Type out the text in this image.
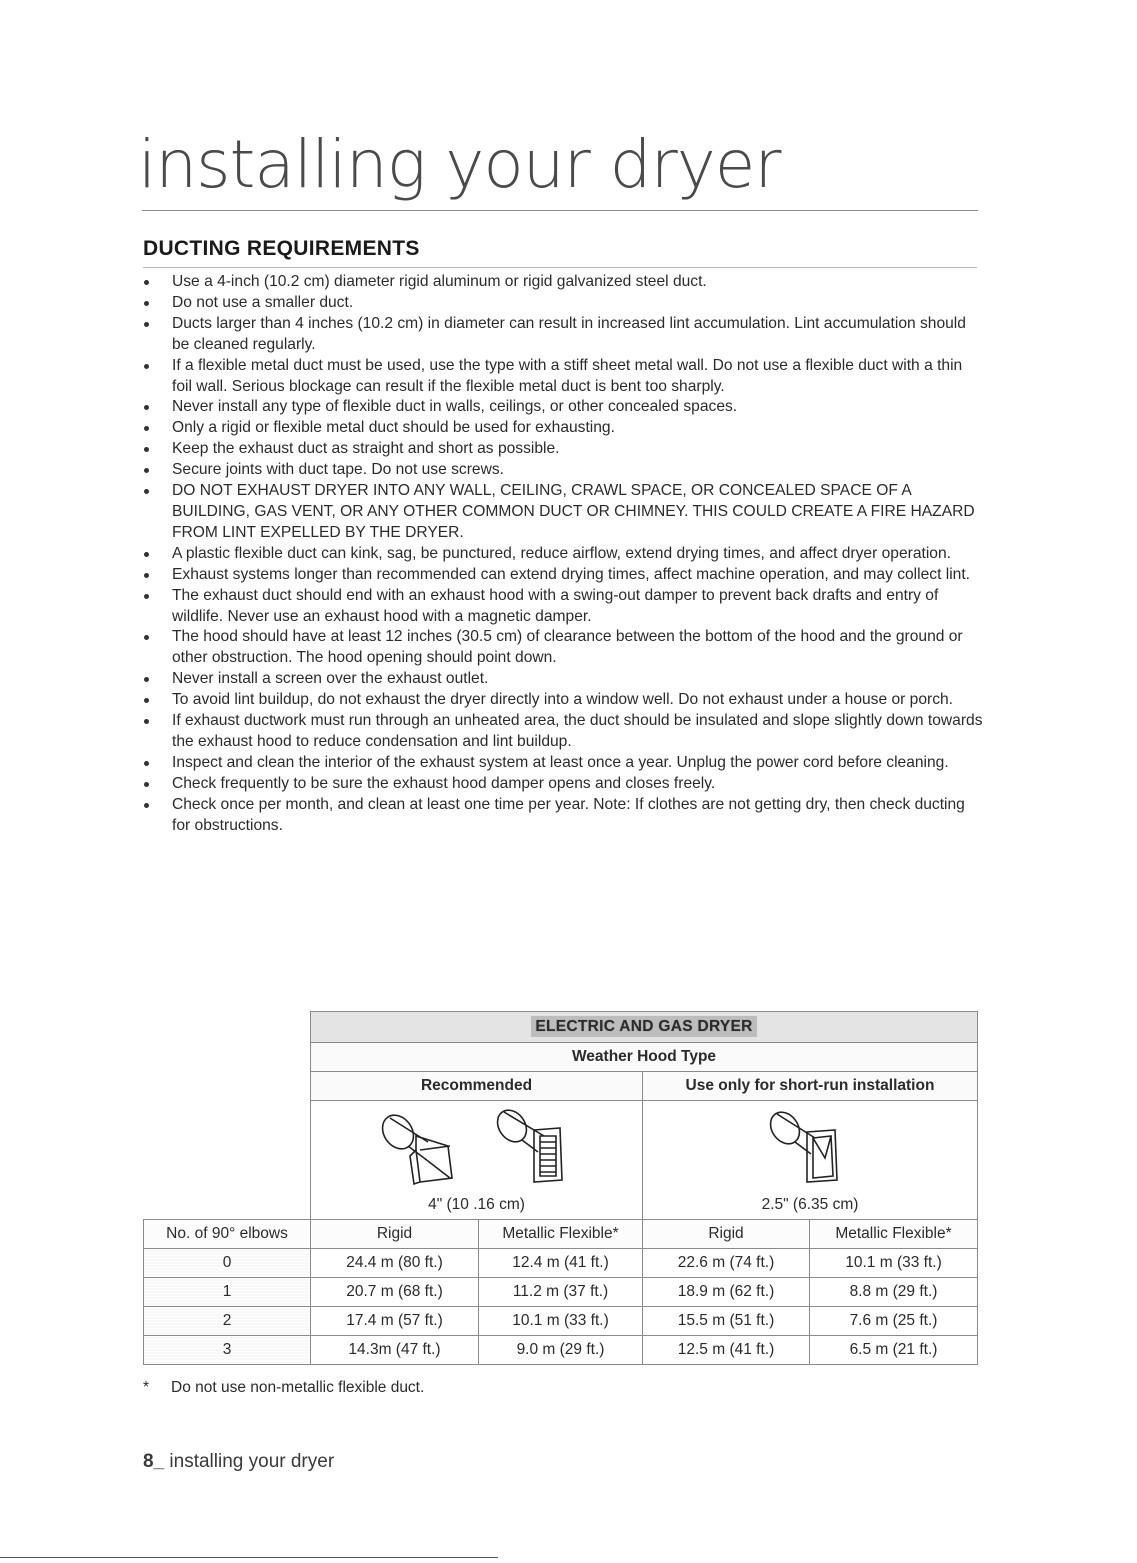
installing your dryer
DUCTING REQUIREMENTS
Use a 4-inch (10.2 cm) diameter rigid aluminum or rigid galvanized steel duct.
Do not use a smaller duct.
Ducts larger than 4 inches (10.2 cm) in diameter can result in increased lint accumulation. Lint accumulation should be cleaned regularly.
If a flexible metal duct must be used, use the type with a stiff sheet metal wall. Do not use a flexible duct with a thin foil wall. Serious blockage can result if the flexible metal duct is bent too sharply.
Never install any type of flexible duct in walls, ceilings, or other concealed spaces.
Only a rigid or flexible metal duct should be used for exhausting.
Keep the exhaust duct as straight and short as possible.
Secure joints with duct tape. Do not use screws.
DO NOT EXHAUST DRYER INTO ANY WALL, CEILING, CRAWL SPACE, OR CONCEALED SPACE OF A BUILDING, GAS VENT, OR ANY OTHER COMMON DUCT OR CHIMNEY. THIS COULD CREATE A FIRE HAZARD FROM LINT EXPELLED BY THE DRYER.
A plastic flexible duct can kink, sag, be punctured, reduce airflow, extend drying times, and affect dryer operation.
Exhaust systems longer than recommended can extend drying times, affect machine operation, and may collect lint.
The exhaust duct should end with an exhaust hood with a swing-out damper to prevent back drafts and entry of wildlife. Never use an exhaust hood with a magnetic damper.
The hood should have at least 12 inches (30.5 cm) of clearance between the bottom of the hood and the ground or other obstruction. The hood opening should point down.
Never install a screen over the exhaust outlet.
To avoid lint buildup, do not exhaust the dryer directly into a window well. Do not exhaust under a house or porch.
If exhaust ductwork must run through an unheated area, the duct should be insulated and slope slightly down towards the exhaust hood to reduce condensation and lint buildup.
Inspect and clean the interior of the exhaust system at least once a year. Unplug the power cord before cleaning.
Check frequently to be sure the exhaust hood damper opens and closes freely.
Check once per month, and clean at least one time per year. Note: If clothes are not getting dry, then check ducting for obstructions.
	ELECTRIC AND GAS DRYER			
	Weather Hood Type			
	Recommended		Use only for short-run installation	

	4" (10 .16 cm)		2.5" (6.35 cm)	
No. of 90° elbows	Rigid	Metallic Flexible*	Rigid	Metallic Flexible*
0	24.4 m (80 ft.)	12.4 m (41 ft.)	22.6 m (74 ft.)	10.1 m (33 ft.)
1	20.7 m (68 ft.)	11.2 m (37 ft.)	18.9 m (62 ft.)	8.8 m (29 ft.)
2	17.4 m (57 ft.)	10.1 m (33 ft.)	15.5 m (51 ft.)	7.6 m (25 ft.)
3	14.3m (47 ft.)	9.0 m (29 ft.)	12.5 m (41 ft.)	6.5 m (21 ft.)
* Do not use non-metallic flexible duct.
8_ installing your dryer
